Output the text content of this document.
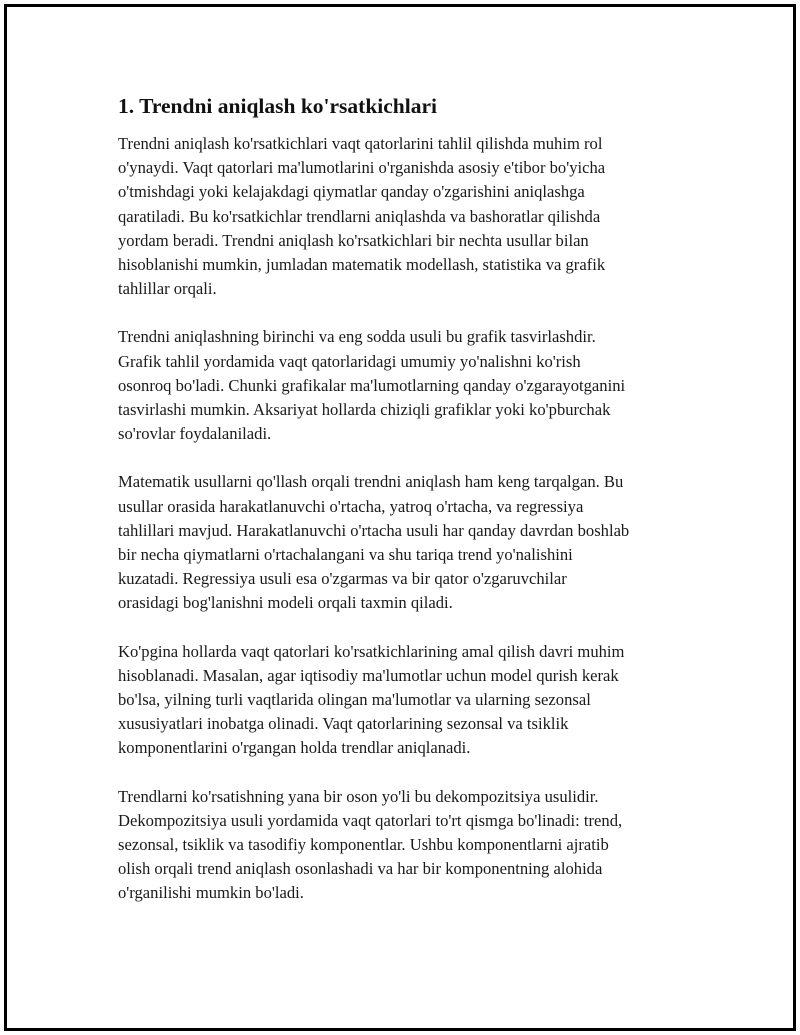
1. Trendni aniqlash ko'rsatkichlari

Trendni aniqlash ko'rsatkichlari vaqt qatorlarini tahlil qilishda muhim rol
o'ynaydi. Vaqt qatorlari ma'lumotlarini o'rganishda asosiy e'tibor bo'yicha
o'tmishdagi yoki kelajakdagi qiymatlar qanday o'zgarishini aniqlashga
qaratiladi. Bu ko'rsatkichlar trendlarni aniqlashda va bashoratlar qilishda
yordam beradi. Trendni aniqlash ko'rsatkichlari bir nechta usullar bilan
hisoblanishi mumkin, jumladan matematik modellash, statistika va grafik
tahlillar orqali.

Trendni aniqlashning birinchi va eng sodda usuli bu grafik tasvirlashdir.
Grafik tahlil yordamida vaqt qatorlaridagi umumiy yo'nalishni ko'rish
osonroq bo'ladi. Chunki grafikalar ma'lumotlarning qanday o'zgarayotganini
tasvirlashi mumkin. Aksariyat hollarda chiziqli grafiklar yoki ko'pburchak
so'rovlar foydalaniladi.

Matematik usullarni qo'llash orqali trendni aniqlash ham keng tarqalgan. Bu
usullar orasida harakatlanuvchi o'rtacha, yatroq o'rtacha, va regressiya
tahlillari mavjud. Harakatlanuvchi o'rtacha usuli har qanday davrdan boshlab
bir necha qiymatlarni o'rtachalangani va shu tariqa trend yo'nalishini
kuzatadi. Regressiya usuli esa o'zgarmas va bir qator o'zgaruvchilar
orasidagi bog'lanishni modeli orqali taxmin qiladi.

Ko'pgina hollarda vaqt qatorlari ko'rsatkichlarining amal qilish davri muhim
hisoblanadi. Masalan, agar iqtisodiy ma'lumotlar uchun model qurish kerak
bo'lsa, yilning turli vaqtlarida olingan ma'lumotlar va ularning sezonsal
xususiyatlari inobatga olinadi. Vaqt qatorlarining sezonsal va tsiklik
komponentlarini o'rgangan holda trendlar aniqlanadi.

Trendlarni ko'rsatishning yana bir oson yo'li bu dekompozitsiya usulidir.
Dekompozitsiya usuli yordamida vaqt qatorlari to'rt qismga bo'linadi: trend,
sezonsal, tsiklik va tasodifiy komponentlar. Ushbu komponentlarni ajratib
olish orqali trend aniqlash osonlashadi va har bir komponentning alohida
o'rganilishi mumkin bo'ladi.
